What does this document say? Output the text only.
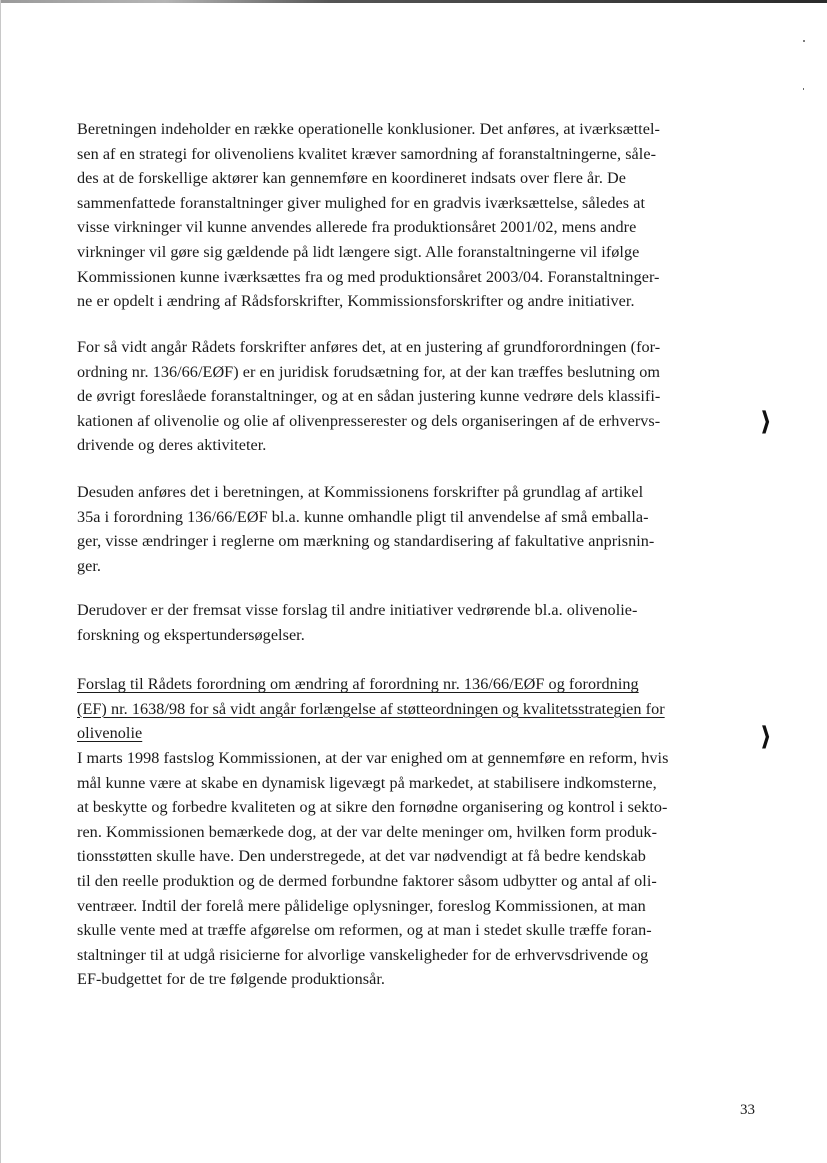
Beretningen indeholder en række operationelle konklusioner. Det anføres, at iværksættel-
sen af en strategi for olivenoliens kvalitet kræver samordning af foranstaltningerne, såle-
des at de forskellige aktører kan gennemføre en koordineret indsats over flere år. De
sammenfattede foranstaltninger giver mulighed for en gradvis iværksættelse, således at
visse virkninger vil kunne anvendes allerede fra produktionsåret 2001/02, mens andre
virkninger vil gøre sig gældende på lidt længere sigt. Alle foranstaltningerne vil ifølge
Kommissionen kunne iværksættes fra og med produktionsåret 2003/04. Foranstaltninger-
ne er opdelt i ændring af Rådsforskrifter, Kommissionsforskrifter og andre initiativer.
For så vidt angår Rådets forskrifter anføres det, at en justering af grundforordningen (for-
ordning nr. 136/66/EØF) er en juridisk forudsætning for, at der kan træffes beslutning om
de øvrigt foreslåede foranstaltninger, og at en sådan justering kunne vedrøre dels klassifi-
kationen af olivenolie og olie af olivenpresserester og dels organiseringen af de erhvervs-
drivende og deres aktiviteter.
Desuden anføres det i beretningen, at Kommissionens forskrifter på grundlag af artikel
35a i forordning 136/66/EØF bl.a. kunne omhandle pligt til anvendelse af små emballa-
ger, visse ændringer i reglerne om mærkning og standardisering af fakultative anprisnin-
ger.
Derudover er der fremsat visse forslag til andre initiativer vedrørende bl.a. olivenolie-
forskning og ekspertundersøgelser.
Forslag til Rådets forordning om ændring af forordning nr. 136/66/EØF og forordning
(EF) nr. 1638/98 for så vidt angår forlængelse af støtteordningen og kvalitetsstrategien for
olivenolie
I marts 1998 fastslog Kommissionen, at der var enighed om at gennemføre en reform, hvis
mål kunne være at skabe en dynamisk ligevægt på markedet, at stabilisere indkomsterne,
at beskytte og forbedre kvaliteten og at sikre den fornødne organisering og kontrol i sekto-
ren. Kommissionen bemærkede dog, at der var delte meninger om, hvilken form produk-
tionsstøtten skulle have. Den understregede, at det var nødvendigt at få bedre kendskab
til den reelle produktion og de dermed forbundne faktorer såsom udbytter og antal af oli-
ventræer. Indtil der forelå mere pålidelige oplysninger, foreslog Kommissionen, at man
skulle vente med at træffe afgørelse om reformen, og at man i stedet skulle træffe foran-
staltninger til at udgå risicierne for alvorlige vanskeligheder for de erhvervsdrivende og
EF-budgettet for de tre følgende produktionsår.
⟩
⟩
33
